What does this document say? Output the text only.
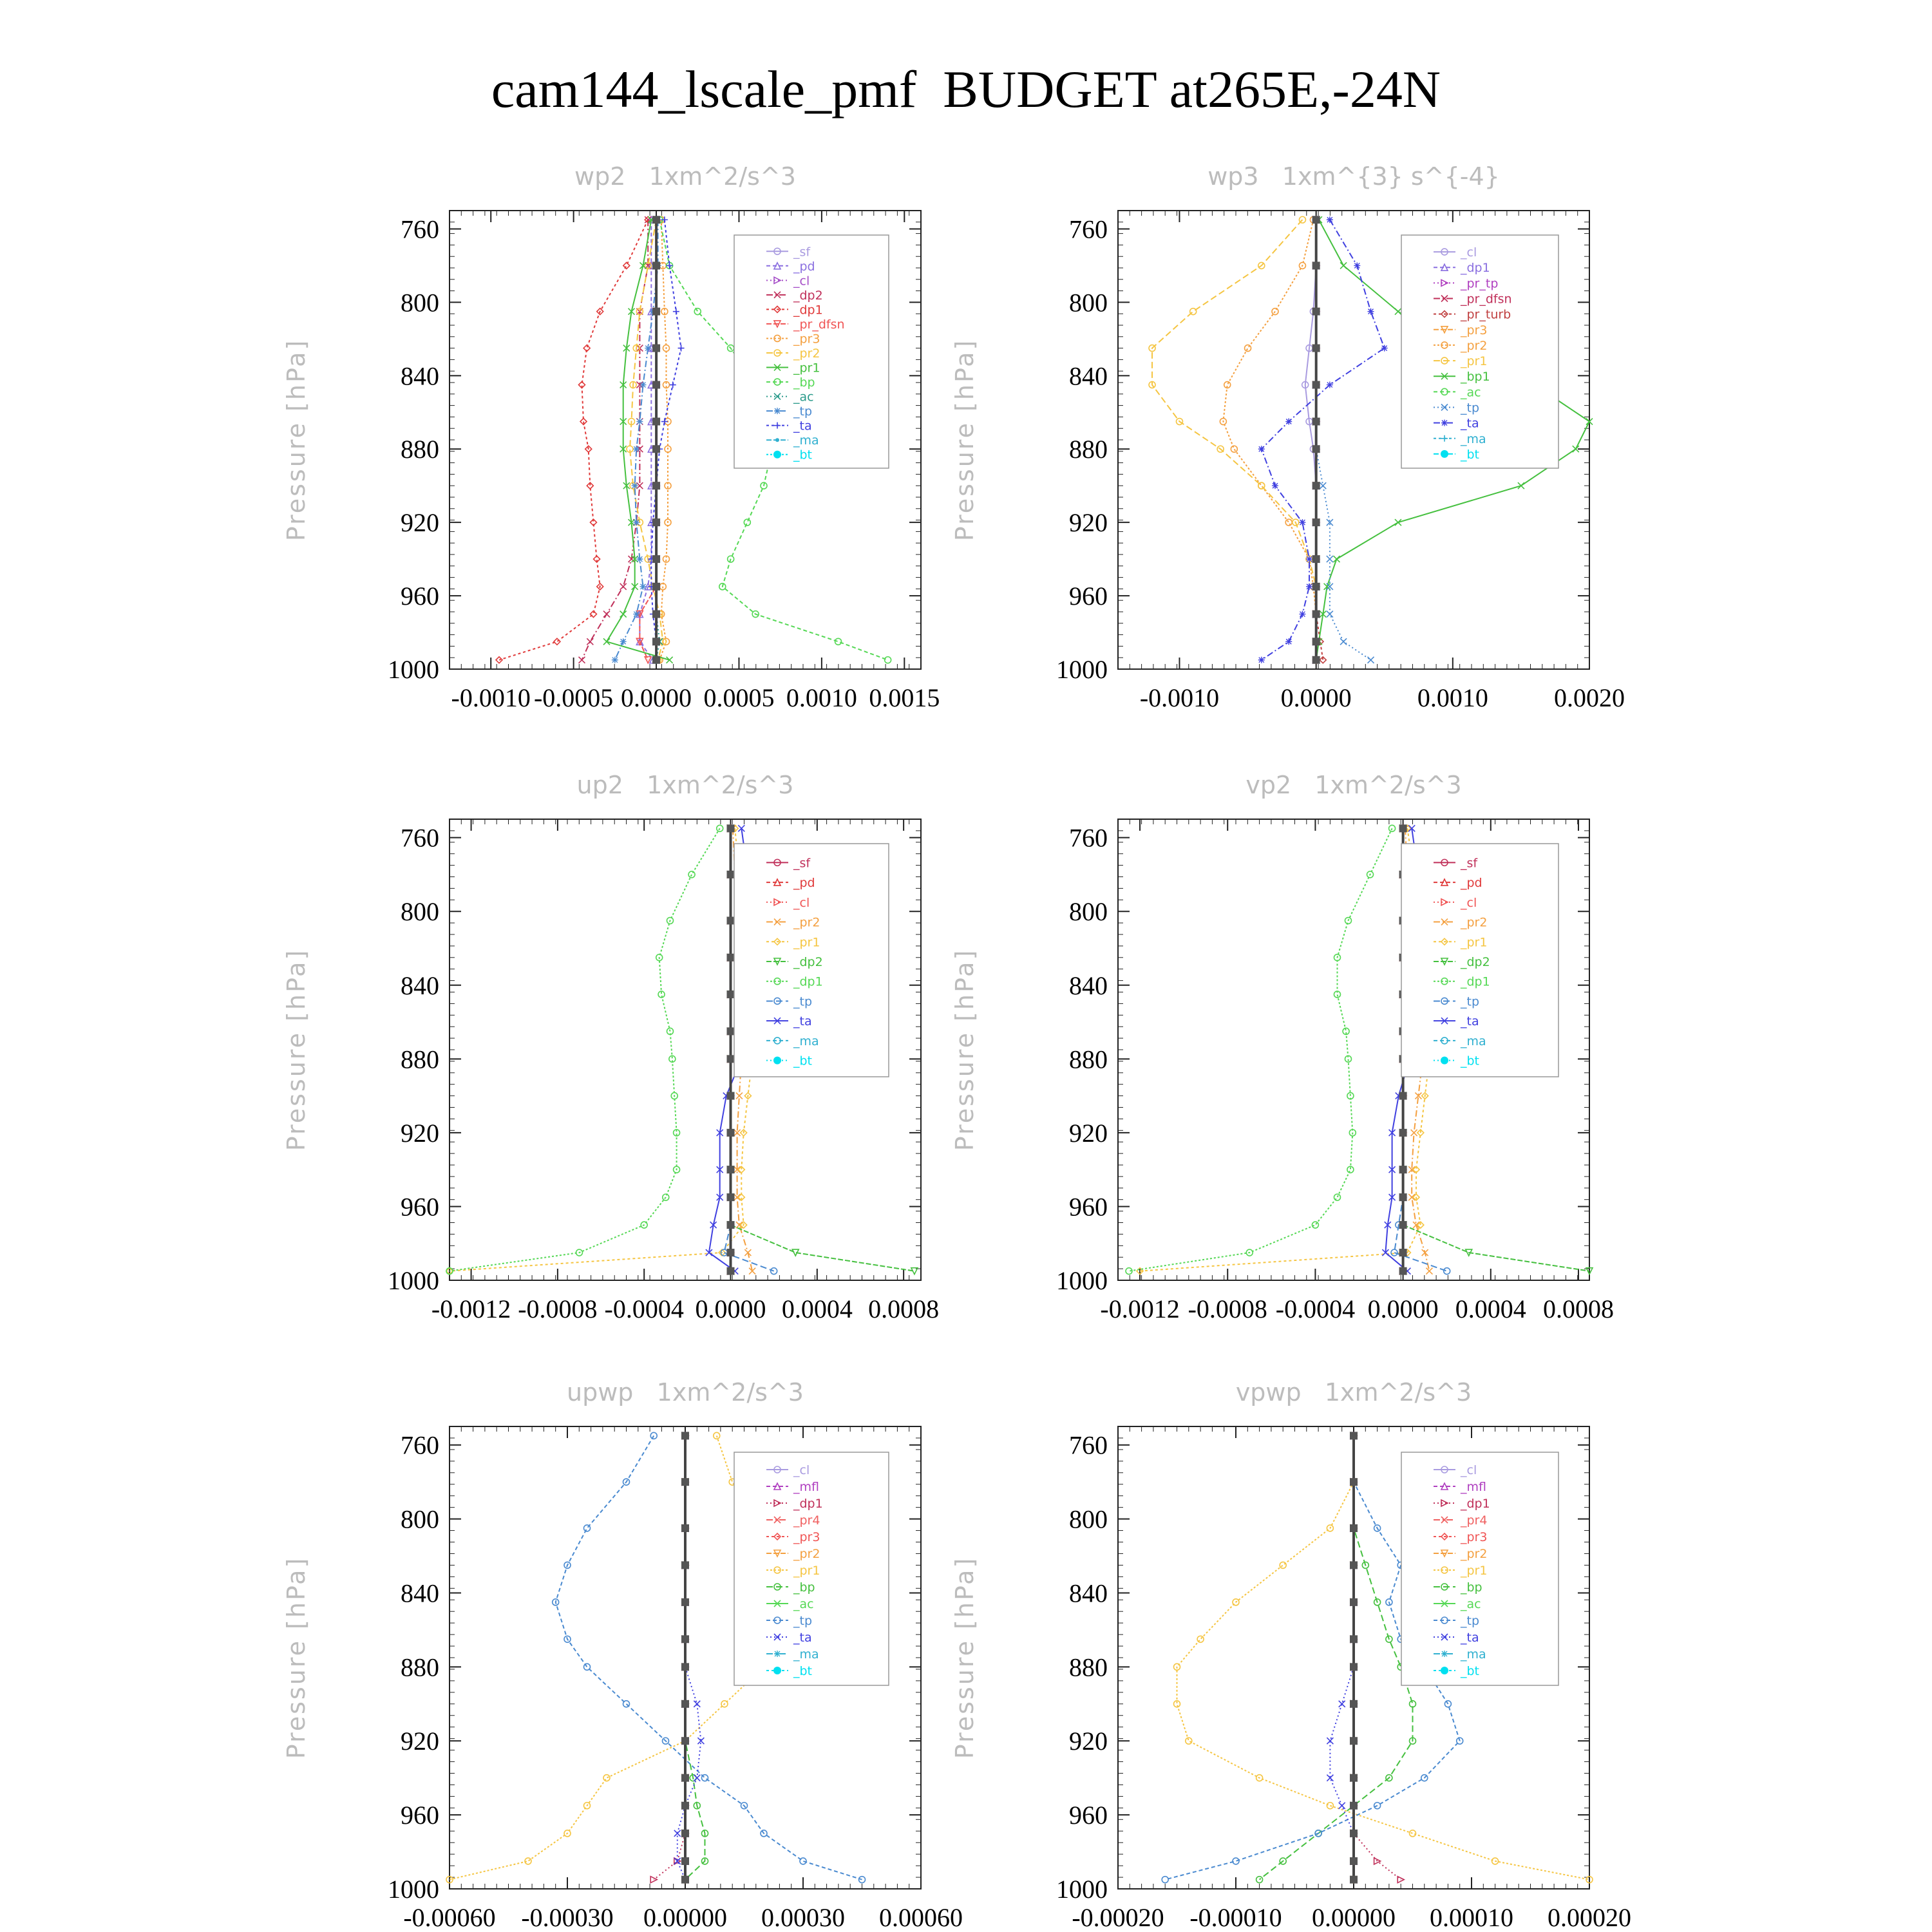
cam144_lscale_pmf  BUDGET at265E,-24N
wp2   1xm^2/s^3
Pressure [hPa]
760
800
840
880
920
960
1000
-0.0010 -0.0005 0.0000 0.0005 0.0010 0.0015
_sf
_pd
_cl
_dp2
_dp1
_pr_dfsn
_pr3
_pr2
_pr1
_bp
_ac
_tp
_ta
_ma
_bt
wp3   1xm^{3} s^{-4}
Pressure [hPa]
760
800
840
880
920
960
1000
-0.0010 0.0000	0.0010	0.0020
_cl
_dp1
_pr_tp
_pr_dfsn
_pr_turb
_pr3
_pr2
_pr1
_bp1
_ac
_tp
_ta
_ma
_bt
up2   1xm^2/s^3
Pressure [hPa]
760
800
840
880
920
960
1000
-0.0012 -0.0008 -0.0004 0.0000 0.0004 0.0008
_sf
_pd
_cl
_pr2
_pr1
_dp2
_dp1
_tp
_ta
_ma
_bt
vp2   1xm^2/s^3
Pressure [hPa]
760
800
840
880
920
960
1000
-0.0012 -0.0008 -0.0004 0.0000 0.0004 0.0008
_sf
_pd
_cl
_pr2
_pr1
_dp2
_dp1
_tp
_ta
_ma
_bt
upwp   1xm^2/s^3
Pressure [hPa]
760
800
840
880
920
960
1000
-0.00060 -0.00030 0.00000 0.00030 0.00060
_cl
_mfl
_dp1
_pr4
_pr3
_pr2
_pr1
_bp
_ac
_tp
_ta
_ma
_bt
vpwp   1xm^2/s^3
Pressure [hPa]
760
800
840
880
920
960
1000
-0.00020 -0.00010 0.00000 0.00010 0.00020
_cl
_mfl
_dp1
_pr4
_pr3
_pr2
_pr1
_bp
_ac
_tp
_ta
_ma
_bt
